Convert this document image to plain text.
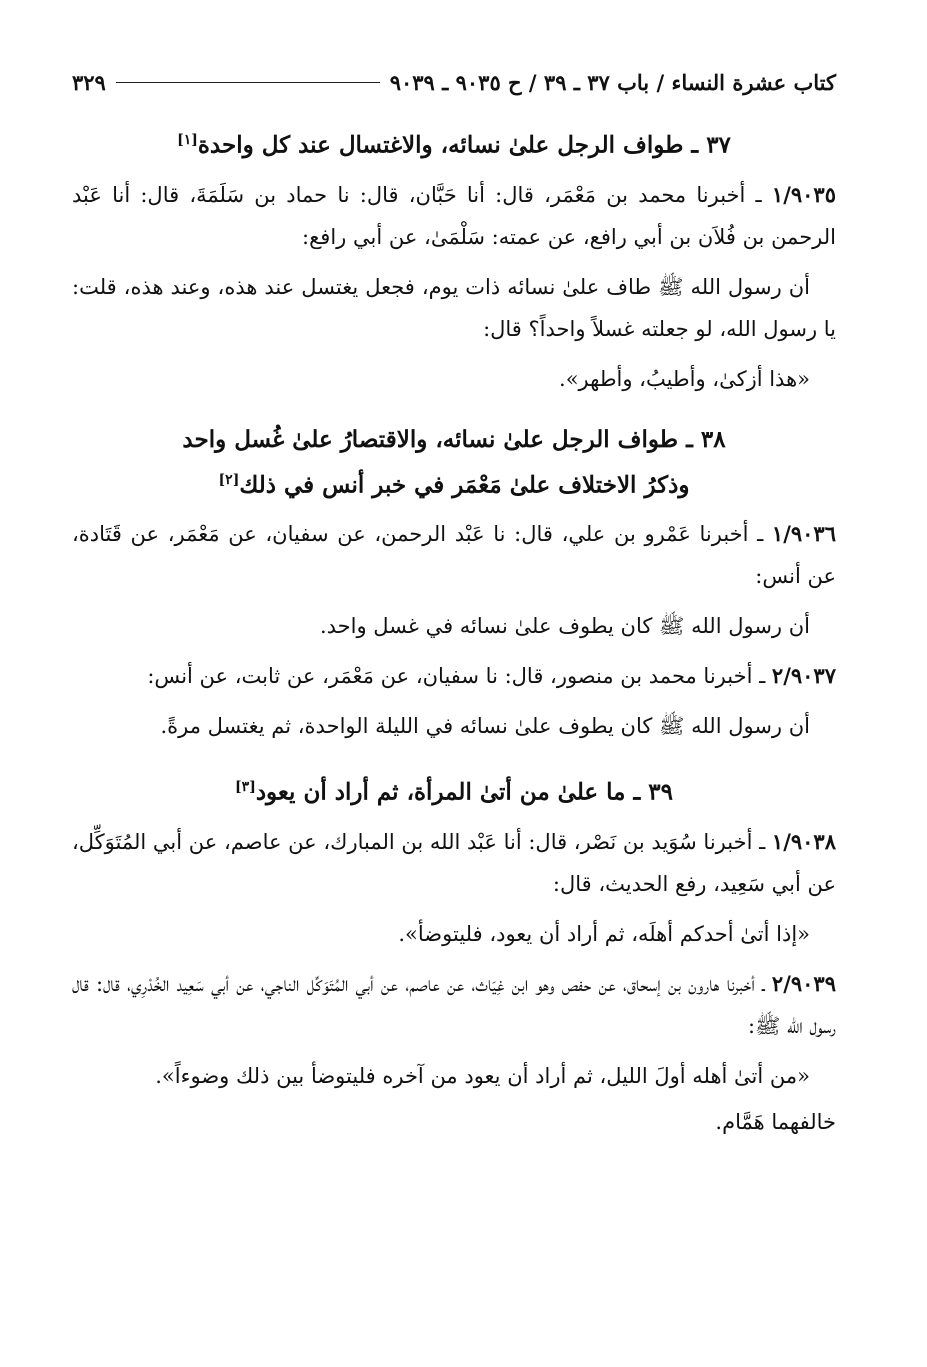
كتاب عشرة النساء / باب ٣٧ ـ ٣٩ / ح ٩٠٣٥ ـ ٩٠٣٩
٣٢٩
٣٧ ـ طواف الرجل علىٰ نسائه، والاغتسال عند كل واحدة[١]

١/٩٠٣٥ ـ أخبرنا محمد بن مَعْمَر، قال: أنا حَبَّان، قال: نا حماد بن سَلَمَةَ، قال: أنا عَبْد الرحمن بن فُلاَن بن أبي رافع، عن عمته: سَلْمَىٰ، عن أبي رافع:

أن رسول الله ﷺ طاف علىٰ نسائه ذات يوم، فجعل يغتسل عند هذه، وعند هذه، قلت: يا رسول الله، لو جعلته غسلاً واحداً؟ قال:

«هذا أزكىٰ، وأطيبُ، وأطهر».

٣٨ ـ طواف الرجل علىٰ نسائه، والاقتصارُ علىٰ غُسل واحد
وذكرُ الاختلاف علىٰ مَعْمَر في خبر أنس في ذلك[٢]

١/٩٠٣٦ ـ أخبرنا عَمْرو بن علي، قال: نا عَبْد الرحمن، عن سفيان، عن مَعْمَر، عن قَتَادة، عن أنس:

أن رسول الله ﷺ كان يطوف علىٰ نسائه في غسل واحد.

٢/٩٠٣٧ ـ أخبرنا محمد بن منصور، قال: نا سفيان، عن مَعْمَر، عن ثابت، عن أنس:

أن رسول الله ﷺ كان يطوف علىٰ نسائه في الليلة الواحدة، ثم يغتسل مرةً.

٣٩ ـ ما علىٰ من أتىٰ المرأة، ثم أراد أن يعود[٣]

١/٩٠٣٨ ـ أخبرنا سُوَيد بن نَصْر، قال: أنا عَبْد الله بن المبارك، عن عاصم، عن أبي المُتَوَكِّل، عن أبي سَعِيد، رفع الحديث، قال:

«إذا أتىٰ أحدكم أهلَه، ثم أراد أن يعود، فليتوضأ».

٢/٩٠٣٩ ـ أخبرنا هارون بن إسحاق، عن حفص وهو ابن غِيَاث، عن عاصم، عن أبي المُتَوَكِّل الناجي، عن أبي سَعِيد الخُدْرِي، قال: قال رسول الله ﷺ:

«من أتىٰ أهله أولَ الليل، ثم أراد أن يعود من آخره فليتوضأ بين ذلك وضوءاً».

خالفهما هَمَّام.
